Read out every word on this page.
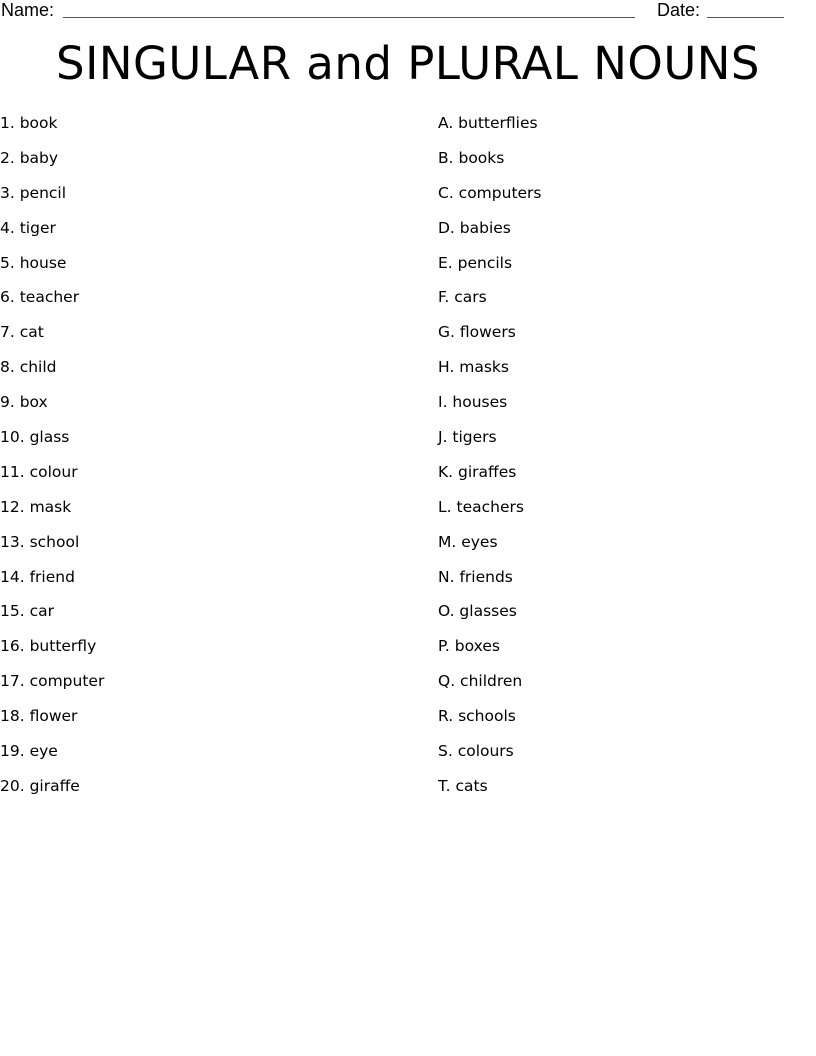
Name:	Date:
SINGULAR and PLURAL NOUNS
1. book
2. baby
3. pencil
4. tiger
5. house
6. teacher
7. cat
8. child
9. box
10. glass
11. colour
12. mask
13. school
14. friend
15. car
16. butterfly
17. computer
18. flower
19. eye
20. giraffe
A. butterflies
B. books
C. computers
D. babies
E. pencils
F. cars
G. flowers
H. masks
I. houses
J. tigers
K. giraffes
L. teachers
M. eyes
N. friends
O. glasses
P. boxes
Q. children
R. schools
S. colours
T. cats
